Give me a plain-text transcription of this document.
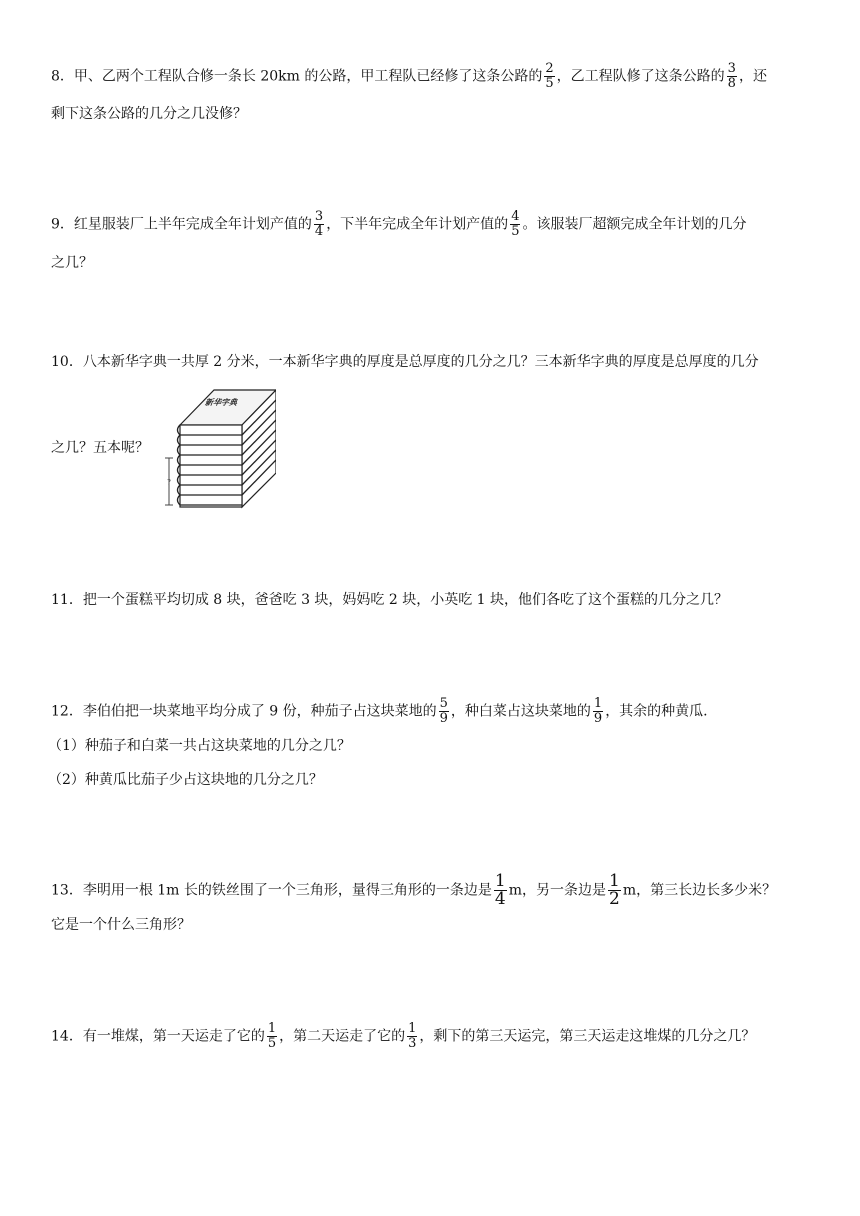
8．甲、乙两个工程队合修一条长 20km 的公路，甲工程队已经修了这条公路的 $\frac{2}{5}$ ，乙工程队修了这条公路的 $\frac{3}{8}$ ，还
剩下这条公路的几分之几没修？
9．红星服装厂上半年完成全年计划产值的 $\frac{3}{4}$ ，下半年完成全年计划产值的 $\frac{4}{5}$ 。该服装厂超额完成全年计划的几分
之几？
10．八本新华字典一共厚 2 分米，一本新华字典的厚度是总厚度的几分之几？三本新华字典的厚度是总厚度的几分
之几？五本呢？
新华字典
?
11．把一个蛋糕平均切成 8 块，爸爸吃 3 块，妈妈吃 2 块，小英吃 1 块，他们各吃了这个蛋糕的几分之几？
12．李伯伯把一块菜地平均分成了 9 份，种茄子占这块菜地的 $\frac{5}{9}$ ，种白菜占这块菜地的 $\frac{1}{9}$ ，其余的种黄瓜.
（1）种茄子和白菜一共占这块菜地的几分之几？
（2）种黄瓜比茄子少占这块地的几分之几？
13．李明用一根 1m 长的铁丝围了一个三角形，量得三角形的一条边是 $\frac{1}{4}$ m，另一条边是 $\frac{1}{2}$ m，第三长边长多少米？
它是一个什么三角形？
14．有一堆煤，第一天运走了它的 $\frac{1}{5}$ ，第二天运走了它的 $\frac{1}{3}$ ，剩下的第三天运完，第三天运走这堆煤的几分之几？
